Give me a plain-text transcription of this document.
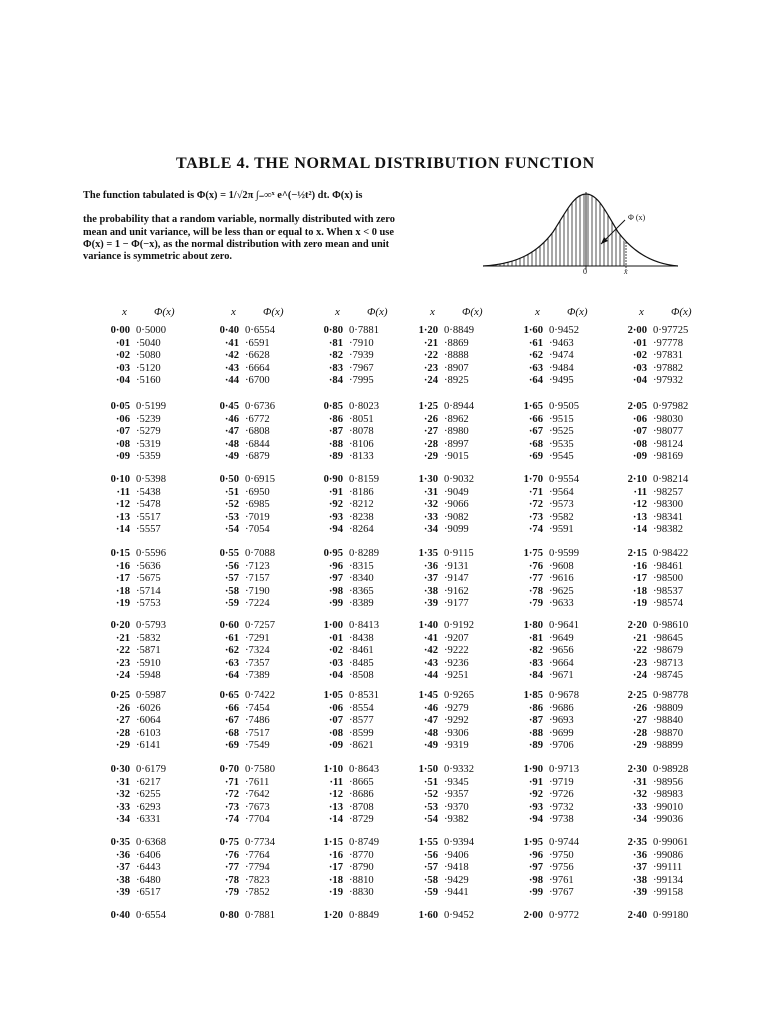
TABLE 4. THE NORMAL DISTRIBUTION FUNCTION
The function tabulated is Φ(x) = 1/√2π ∫₋∞ˣ e^(−½t²) dt. Φ(x) is
the probability that a random variable, normally distributed with zero mean and unit variance, will be less than or equal to x. When x < 0 use Φ(x) = 1 − Φ(−x), as the normal distribution with zero mean and unit variance is symmetric about zero.
Φ (x)
0	x
x Φ(x)
0·00 0·5000
·01 ·5040
·02 ·5080
·03 ·5120
·04 ·5160
0·05 0·5199
·06 ·5239
·07 ·5279
·08 ·5319
·09 ·5359
0·10 0·5398
·11 ·5438
·12 ·5478
·13 ·5517
·14 ·5557
0·15 0·5596
·16 ·5636
·17 ·5675
·18 ·5714
·19 ·5753
0·20 0·5793
·21 ·5832
·22 ·5871
·23 ·5910
·24 ·5948
0·25 0·5987
·26 ·6026
·27 ·6064
·28 ·6103
·29 ·6141
0·30 0·6179
·31 ·6217
·32 ·6255
·33 ·6293
·34 ·6331
0·35 0·6368
·36 ·6406
·37 ·6443
·38 ·6480
·39 ·6517
0·40 0·6554
x Φ(x)
0·40 0·6554
·41 ·6591
·42 ·6628
·43 ·6664
·44 ·6700
0·45 0·6736
·46 ·6772
·47 ·6808
·48 ·6844
·49 ·6879
0·50 0·6915
·51 ·6950
·52 ·6985
·53 ·7019
·54 ·7054
0·55 0·7088
·56 ·7123
·57 ·7157
·58 ·7190
·59 ·7224
0·60 0·7257
·61 ·7291
·62 ·7324
·63 ·7357
·64 ·7389
0·65 0·7422
·66 ·7454
·67 ·7486
·68 ·7517
·69 ·7549
0·70 0·7580
·71 ·7611
·72 ·7642
·73 ·7673
·74 ·7704
0·75 0·7734
·76 ·7764
·77 ·7794
·78 ·7823
·79 ·7852
0·80 0·7881
x Φ(x)
0·80 0·7881
·81 ·7910
·82 ·7939
·83 ·7967
·84 ·7995
0·85 0·8023
·86 ·8051
·87 ·8078
·88 ·8106
·89 ·8133
0·90 0·8159
·91 ·8186
·92 ·8212
·93 ·8238
·94 ·8264
0·95 0·8289
·96 ·8315
·97 ·8340
·98 ·8365
·99 ·8389
1·00 0·8413
·01 ·8438
·02 ·8461
·03 ·8485
·04 ·8508
1·05 0·8531
·06 ·8554
·07 ·8577
·08 ·8599
·09 ·8621
1·10 0·8643
·11 ·8665
·12 ·8686
·13 ·8708
·14 ·8729
1·15 0·8749
·16 ·8770
·17 ·8790
·18 ·8810
·19 ·8830
1·20 0·8849
x Φ(x)
1·20 0·8849
·21 ·8869
·22 ·8888
·23 ·8907
·24 ·8925
1·25 0·8944
·26 ·8962
·27 ·8980
·28 ·8997
·29 ·9015
1·30 0·9032
·31 ·9049
·32 ·9066
·33 ·9082
·34 ·9099
1·35 0·9115
·36 ·9131
·37 ·9147
·38 ·9162
·39 ·9177
1·40 0·9192
·41 ·9207
·42 ·9222
·43 ·9236
·44 ·9251
1·45 0·9265
·46 ·9279
·47 ·9292
·48 ·9306
·49 ·9319
1·50 0·9332
·51 ·9345
·52 ·9357
·53 ·9370
·54 ·9382
1·55 0·9394
·56 ·9406
·57 ·9418
·58 ·9429
·59 ·9441
1·60 0·9452
x Φ(x)
1·60 0·9452
·61 ·9463
·62 ·9474
·63 ·9484
·64 ·9495
1·65 0·9505
·66 ·9515
·67 ·9525
·68 ·9535
·69 ·9545
1·70 0·9554
·71 ·9564
·72 ·9573
·73 ·9582
·74 ·9591
1·75 0·9599
·76 ·9608
·77 ·9616
·78 ·9625
·79 ·9633
1·80 0·9641
·81 ·9649
·82 ·9656
·83 ·9664
·84 ·9671
1·85 0·9678
·86 ·9686
·87 ·9693
·88 ·9699
·89 ·9706
1·90 0·9713
·91 ·9719
·92 ·9726
·93 ·9732
·94 ·9738
1·95 0·9744
·96 ·9750
·97 ·9756
·98 ·9761
·99 ·9767
2·00 0·9772
x Φ(x)
2·00 0·97725
·01 ·97778
·02 ·97831
·03 ·97882
·04 ·97932
2·05 0·97982
·06 ·98030
·07 ·98077
·08 ·98124
·09 ·98169
2·10 0·98214
·11 ·98257
·12 ·98300
·13 ·98341
·14 ·98382
2·15 0·98422
·16 ·98461
·17 ·98500
·18 ·98537
·19 ·98574
2·20 0·98610
·21 ·98645
·22 ·98679
·23 ·98713
·24 ·98745
2·25 0·98778
·26 ·98809
·27 ·98840
·28 ·98870
·29 ·98899
2·30 0·98928
·31 ·98956
·32 ·98983
·33 ·99010
·34 ·99036
2·35 0·99061
·36 ·99086
·37 ·99111
·38 ·99134
·39 ·99158
2·40 0·99180
